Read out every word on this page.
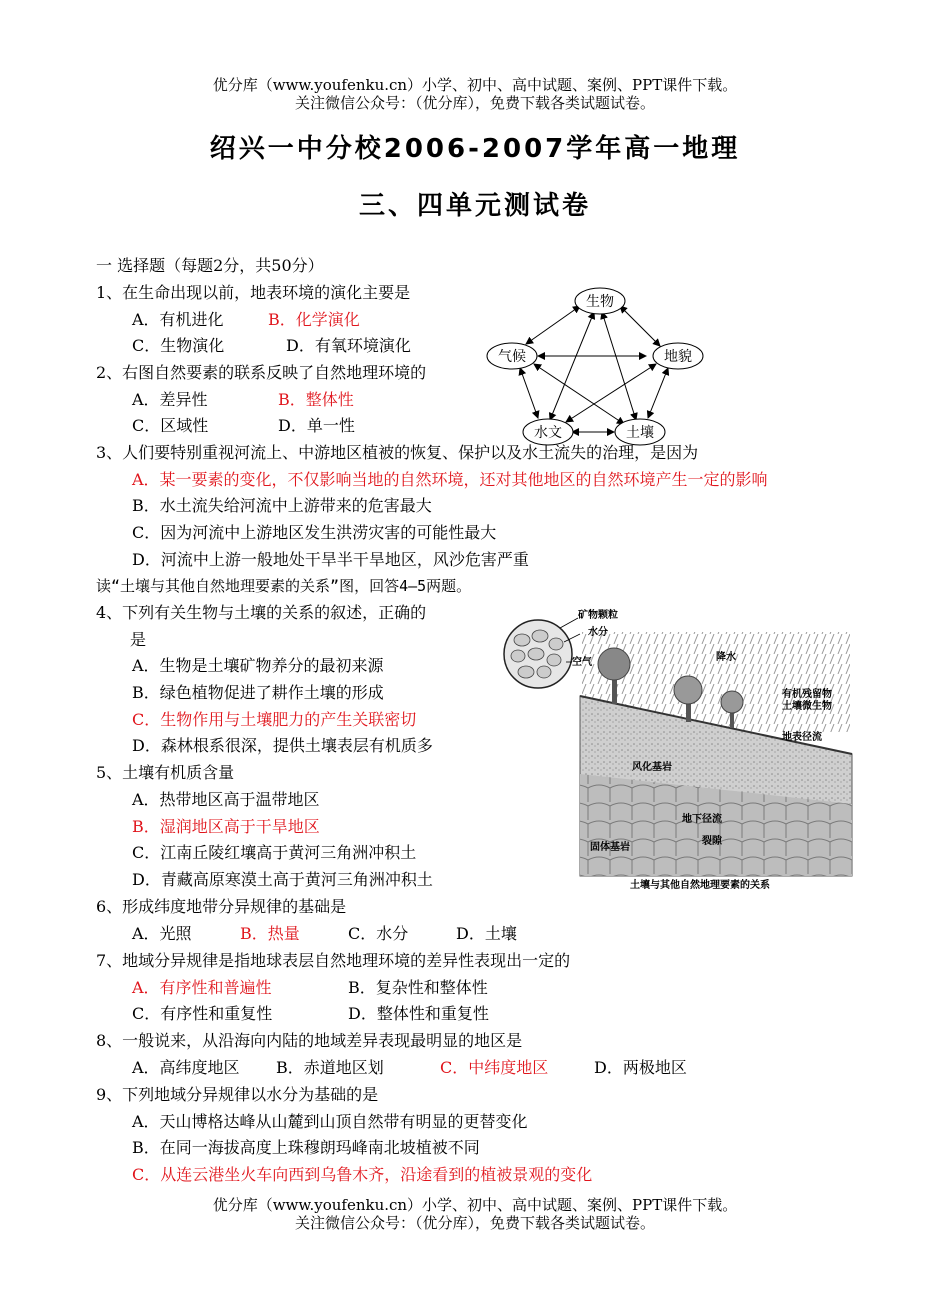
优分库（www.youfenku.cn）小学、初中、高中试题、案例、PPT课件下载。
关注微信公众号：（优分库），免费下载各类试题试卷。
绍兴一中分校2006-2007学年高一地理
三、四单元测试卷
一 选择题（每题2分，共50分）
1、在生命出现以前，地表环境的演化主要是
A．有机进化	B．化学演化
C．生物演化	D．有氧环境演化
2、右图自然要素的联系反映了自然地理环境的
A．差异性	B．整体性
C．区域性	D．单一性
生物
气候	地貌
水文	土壤
3、人们要特别重视河流上、中游地区植被的恢复、保护以及水土流失的治理，是因为
A．某一要素的变化，不仅影响当地的自然环境，还对其他地区的自然环境产生一定的影响
B．水土流失给河流中上游带来的危害最大
C．因为河流中上游地区发生洪涝灾害的可能性最大
D．河流中上游一般地处干旱半干旱地区，风沙危害严重
读“土壤与其他自然地理要素的关系”图，回答4—5两题。
4、下列有关生物与土壤的关系的叙述，正确的
是
A．生物是土壤矿物养分的最初来源
B．绿色植物促进了耕作土壤的形成
C．生物作用与土壤肥力的产生关联密切
D．森林根系很深，提供土壤表层有机质多
矿物颗粒
水分
空气	降水
有机残留物
土壤微生物
地表径流
风化基岩
地下径流
裂隙
固体基岩
土壤与其他自然地理要素的关系
5、土壤有机质含量
A．热带地区高于温带地区
B．湿润地区高于干旱地区
C．江南丘陵红壤高于黄河三角洲冲积土
D．青藏高原寒漠土高于黄河三角洲冲积土
6、形成纬度地带分异规律的基础是
A．光照	B．热量	C．水分	D．土壤
7、地域分异规律是指地球表层自然地理环境的差异性表现出一定的
A．有序性和普遍性	B．复杂性和整体性
C．有序性和重复性	D．整体性和重复性
8、一般说来，从沿海向内陆的地域差异表现最明显的地区是
A．高纬度地区 B．赤道地区划	C．中纬度地区	D．两极地区
9、下列地域分异规律以水分为基础的是
A．天山博格达峰从山麓到山顶自然带有明显的更替变化
B．在同一海拔高度上珠穆朗玛峰南北坡植被不同
C．从连云港坐火车向西到乌鲁木齐，沿途看到的植被景观的变化
优分库（www.youfenku.cn）小学、初中、高中试题、案例、PPT课件下载。
关注微信公众号：（优分库），免费下载各类试题试卷。
